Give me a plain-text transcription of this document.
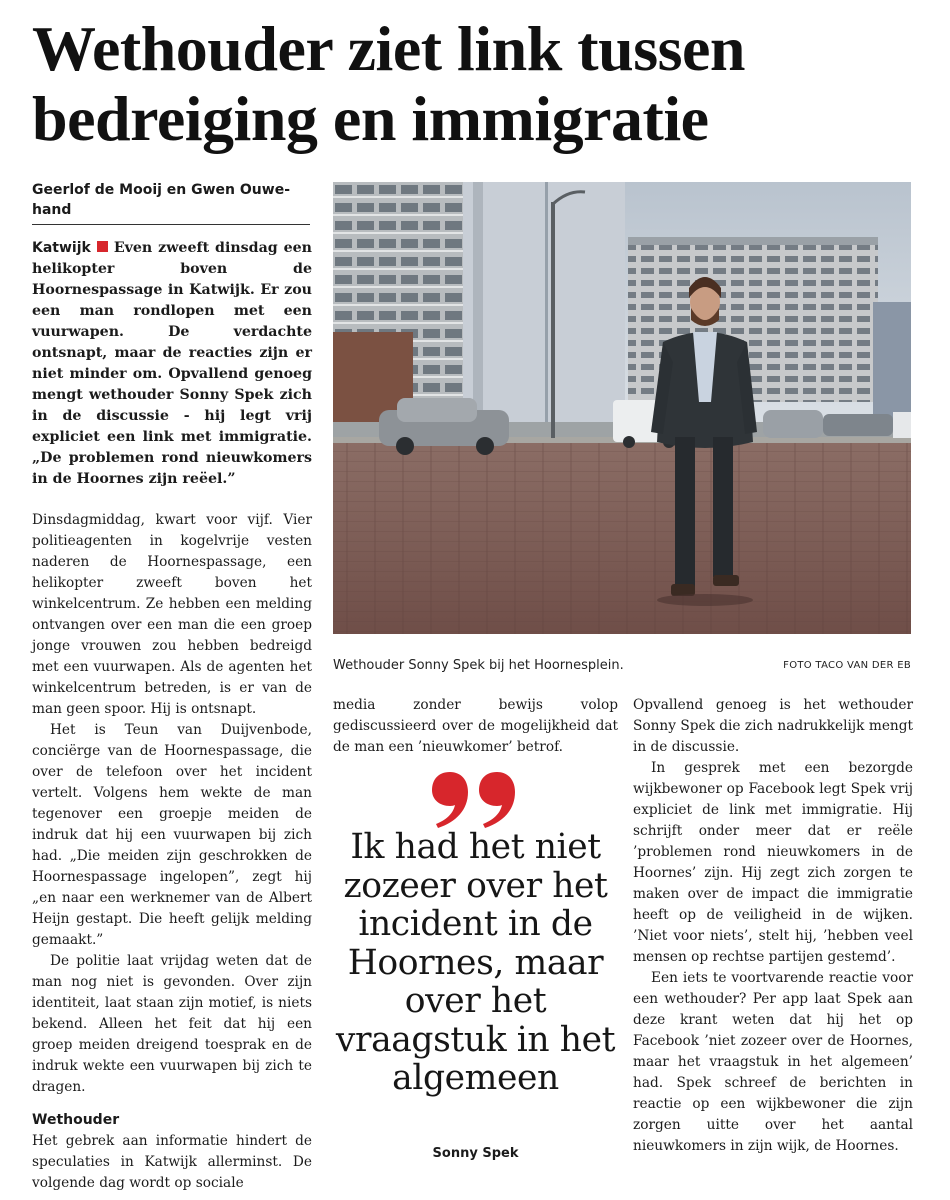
Wethouder ziet link tussen
bedreiging en immigratie
Geerlof de Mooij en Gwen Ouwe-
hand

Katwijk Even zweeft dinsdag een helikopter boven de Hoornespassage in Katwijk. Er zou een man rondlopen met een vuurwapen. De verdachte ontsnapt, maar de reacties zijn er niet minder om. Opvallend genoeg mengt wethouder Sonny Spek zich in de discussie - hij legt vrij expliciet een link met immigratie. „De problemen rond nieuwkomers in de Hoornes zijn reëel.”

Dinsdagmiddag, kwart voor vijf. Vier politieagenten in kogelvrije vesten naderen de Hoornespassage, een helikopter zweeft boven het winkelcentrum. Ze hebben een melding ontvangen over een man die een groep jonge vrouwen zou hebben bedreigd met een vuurwapen. Als de agenten het winkelcentrum betreden, is er van de man geen spoor. Hij is ontsnapt.

Het is Teun van Duijvenbode, conciërge van de Hoornespassage, die over de telefoon over het incident vertelt. Volgens hem wekte de man tegenover een groepje meiden de indruk dat hij een vuurwapen bij zich had. „Die meiden zijn geschrokken de Hoornespassage ingelopen”, zegt hij „en naar een werknemer van de Albert Heijn gestapt. Die heeft gelijk melding gemaakt.”

De politie laat vrijdag weten dat de man nog niet is gevonden. Over zijn identiteit, laat staan zijn motief, is niets bekend. Alleen het feit dat hij een groep meiden dreigend toesprak en de indruk wekte een vuurwapen bij zich te dragen.

Wethouder

Het gebrek aan informatie hindert de speculaties in Katwijk allerminst. De volgende dag wordt op sociale

Wethouder Sonny Spek bij het Hoornesplein.	FOTO TACO VAN DER EB

media zonder bewijs volop gediscussieerd over de mogelijkheid dat de man een ’nieuwkomer’ betrof.

Ik had het niet zozeer over het incident in de Hoornes, maar over het vraagstuk in het algemeen
Sonny Spek

Opvallend genoeg is het wethouder Sonny Spek die zich nadrukkelijk mengt in de discussie.

In gesprek met een bezorgde wijkbewoner op Facebook legt Spek vrij expliciet de link met immigratie. Hij schrijft onder meer dat er reële ’problemen rond nieuwkomers in de Hoornes’ zijn. Hij zegt zich zorgen te maken over de impact die immigratie heeft op de veiligheid in de wijken. ’Niet voor niets’, stelt hij, ’hebben veel mensen op rechtse partijen gestemd’.

Een iets te voortvarende reactie voor een wethouder? Per app laat Spek aan deze krant weten dat hij het op Facebook ’niet zozeer over de Hoornes, maar het vraagstuk in het algemeen’ had. Spek schreef de berichten in reactie op een wijkbewoner die zijn zorgen uitte over het aantal nieuwkomers in zijn wijk, de Hoornes.
